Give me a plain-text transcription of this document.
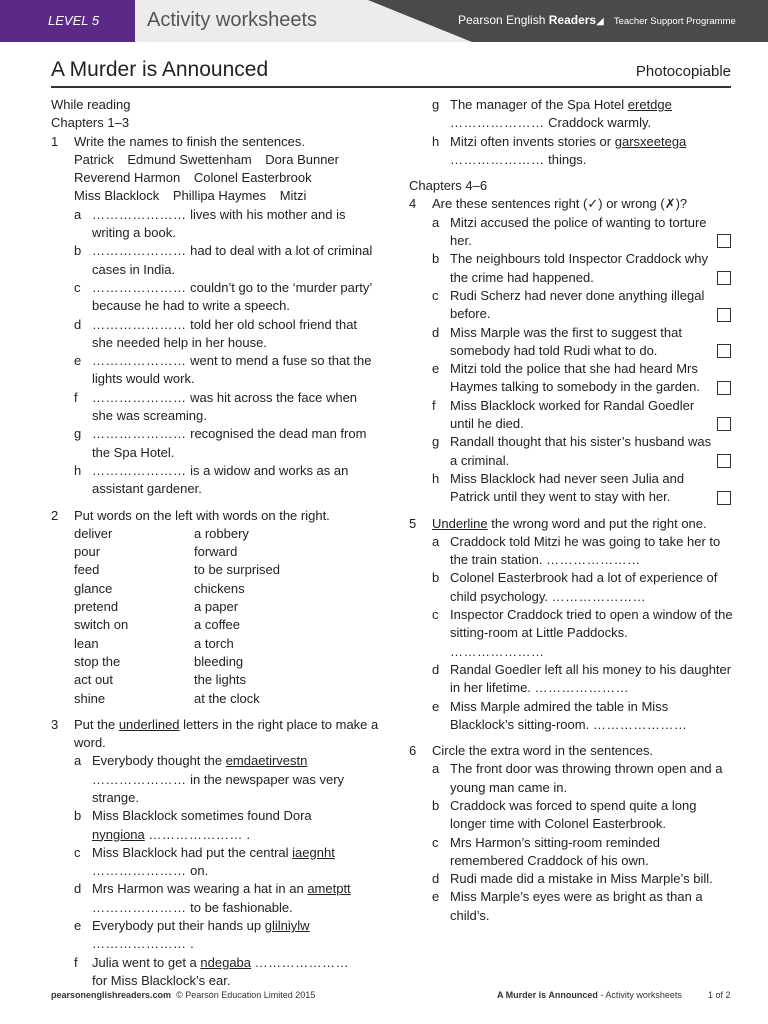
LEVEL 5	Activity worksheets	Pearson English Readers◢ Teacher Support Programme
A Murder is Announced	Photocopiable
While reading
Chapters 1–3
1	Write the names to finish the sentences.
Patrick Edmund Swettenham Dora Bunner
Reverend Harmon Colonel Easterbrook
Miss Blacklock Phillipa Haymes Mitzi
a ………………… lives with his mother and is writing a book.
b ………………… had to deal with a lot of criminal cases in India.
c ………………… couldn’t go to the ‘murder party’ because he had to write a speech.
d ………………… told her old school friend that she needed help in her house.
e ………………… went to mend a fuse so that the lights would work.
f	………………… was hit across the face when she was screaming.
g ………………… recognised the dead man from the Spa Hotel.
h ………………… is a widow and works as an assistant gardener.
2	Put words on the left with words on the right.
deliver	a robbery
pour	forward
feed	to be surprised
glance	chickens
pretend	a paper
switch on	a coffee
lean	a torch
stop the	bleeding
act out	the lights
shine	at the clock
3	Put the underlined letters in the right place to make a word.
a Everybody thought the emdaetirvestn
………………… in the newspaper was very strange.
b Miss Blacklock sometimes found Dora
nyngiona ………………… .
c Miss Blacklock had put the central iaegnht
………………… on.
d Mrs Harmon was wearing a hat in an ametptt
………………… to be fashionable.
e Everybody put their hands up glilniylw
………………… .
f	Julia went to get a ndegaba …………………
for Miss Blacklock’s ear.
g The manager of the Spa Hotel eretdge
………………… Craddock warmly.
h Mitzi often invents stories or garsxeetega
………………… things.
Chapters 4–6
4	Are these sentences right (✓) or wrong (✗)?
a Mitzi accused the police of wanting to torture her.
b The neighbours told Inspector Craddock why the crime had happened.
c Rudi Scherz had never done anything illegal before.
d Miss Marple was the first to suggest that somebody had told Rudi what to do.
e Mitzi told the police that she had heard Mrs Haymes talking to somebody in the garden.
f	Miss Blacklock worked for Randal Goedler until he died.
g Randall thought that his sister’s husband was a criminal.
h Miss Blacklock had never seen Julia and Patrick until they went to stay with her.
5	Underline the wrong word and put the right one.
a Craddock told Mitzi he was going to take her to the train station. …………………
b Colonel Easterbrook had a lot of experience of child psychology. …………………
c Inspector Craddock tried to open a window of the sitting-room at Little Paddocks.
…………………
d Randal Goedler left all his money to his daughter in her lifetime. …………………
e Miss Marple admired the table in Miss Blacklock’s sitting-room. …………………
6	Circle the extra word in the sentences.
a The front door was throwing thrown open and a young man came in.
b Craddock was forced to spend quite a long longer time with Colonel Easterbrook.
c Mrs Harmon’s sitting-room reminded remembered Craddock of his own.
d Rudi made did a mistake in Miss Marple’s bill.
e Miss Marple’s eyes were as bright as than a child’s.
pearsonenglishreaders.com © Pearson Education Limited 2015	A Murder is Announced - Activity worksheets	1 of 2
